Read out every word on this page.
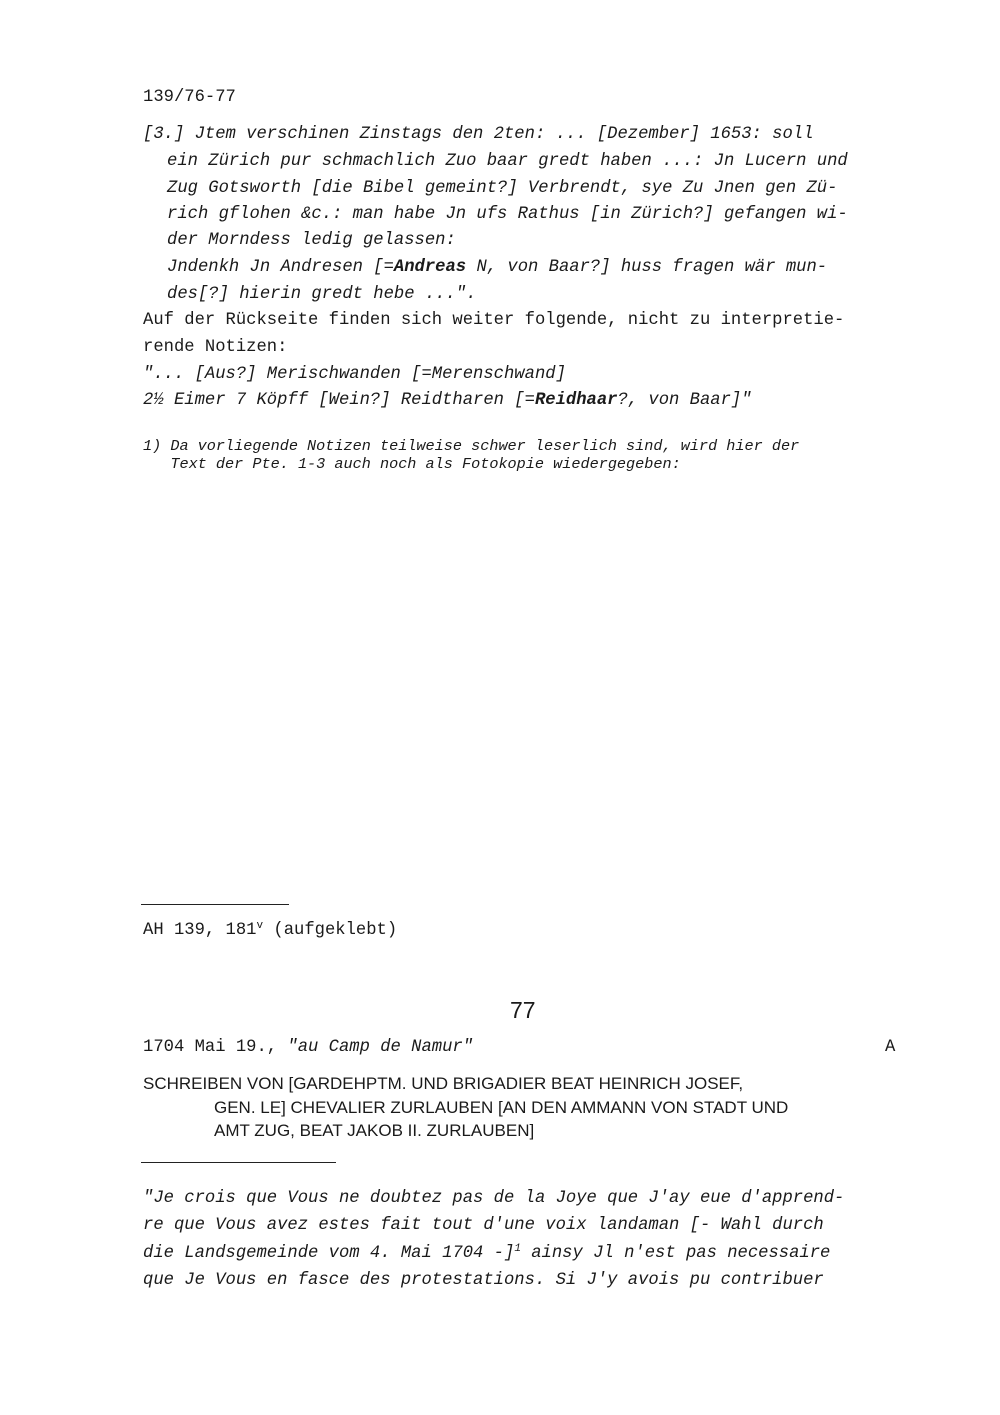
139/76-77
[3.] Jtem verschinen Zinstags den 2ten: ... [Dezember] 1653: soll
ein Zürich pur schmachlich Zuo baar gredt haben ...: Jn Lucern und
Zug Gotsworth [die Bibel gemeint?] Verbrendt, sye Zu Jnen gen Zü-
rich gflohen &c.: man habe Jn ufs Rathus [in Zürich?] gefangen wi-
der Morndess ledig gelassen:
Jndenkh Jn Andresen [=Andreas N, von Baar?] huss fragen wär mun-
des[?] hierin gredt hebe ...".
Auf der Rückseite finden sich weiter folgende, nicht zu interpretie-
rende Notizen:
"... [Aus?] Merischwanden [=Merenschwand]
2½ Eimer 7 Köpff [Wein?] Reidtharen [=Reidhaar?, von Baar]"
1) Da vorliegende Notizen teilweise schwer leserlich sind, wird hier der
Text der Pte. 1-3 auch noch als Fotokopie wiedergegeben:
AH 139, 181$^v$ (aufgeklebt)
77
1704 Mai 19., "au Camp de Namur"	A
SCHREIBEN VON [GARDEHPTM. UND BRIGADIER BEAT HEINRICH JOSEF,
GEN. LE] CHEVALIER ZURLAUBEN [AN DEN AMMANN VON STADT UND
AMT ZUG, BEAT JAKOB II. ZURLAUBEN]
"Je crois que Vous ne doubtez pas de la Joye que J'ay eue d'apprend-
re que Vous avez estes fait tout d'une voix landaman [- Wahl durch
die Landsgemeinde vom 4. Mai 1704 -]$^1$ ainsy Jl n'est pas necessaire
que Je Vous en fasce des protestations. Si J'y avois pu contribuer
